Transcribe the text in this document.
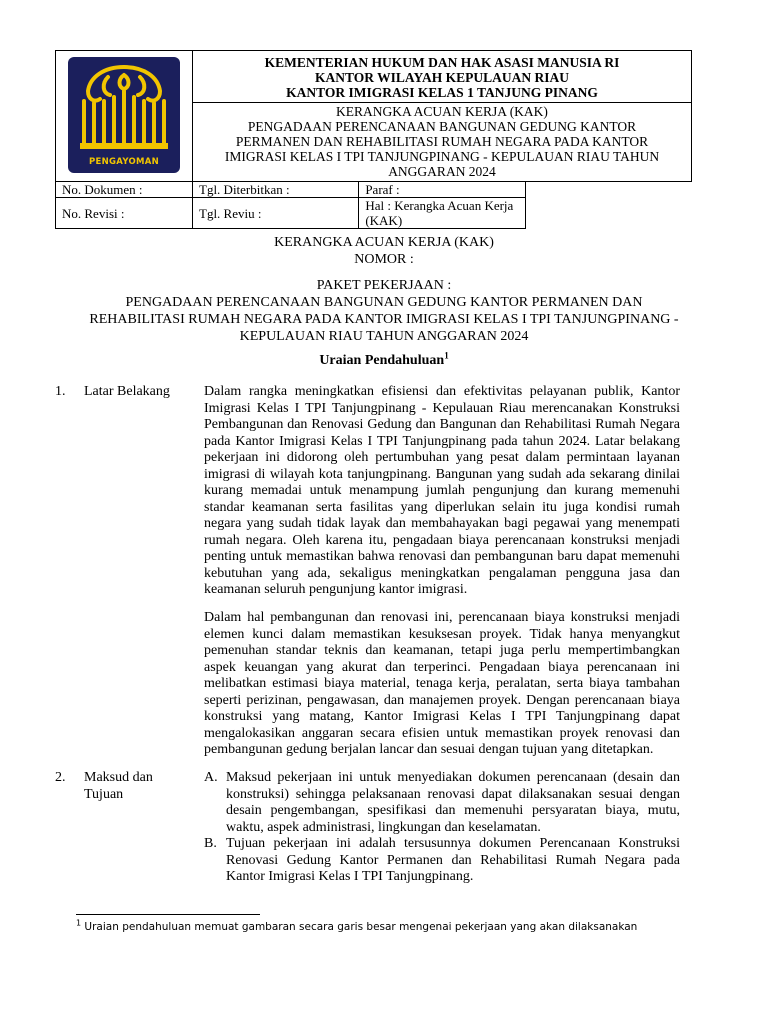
PENGAYOMAN	KEMENTERIAN HUKUM DAN HAK ASASI MANUSIA RI
KANTOR WILAYAH KEPULAUAN RIAU
KANTOR IMIGRASI KELAS 1 TANJUNG PINANG	

	KERANGKA ACUAN KERJA (KAK)
PENGADAAN PERENCANAAN BANGUNAN GEDUNG KANTOR
PERMANEN DAN REHABILITASI RUMAH NEGARA PADA KANTOR
IMIGRASI KELAS I TPI TANJUNGPINANG - KEPULAUAN RIAU TAHUN
ANGGARAN 2024	

No. Dokumen :	Tgl. Diterbitkan :	Paraf :
No. Revisi :	Tgl. Reviu :	Hal : Kerangka Acuan Kerja (KAK)
KERANGKA ACUAN KERJA (KAK)
NOMOR :
PAKET PEKERJAAN :
PENGADAAN PERENCANAAN BANGUNAN GEDUNG KANTOR PERMANEN DAN
REHABILITASI RUMAH NEGARA PADA KANTOR IMIGRASI KELAS I TPI TANJUNGPINANG -
KEPULAUAN RIAU TAHUN ANGGARAN 2024
Uraian Pendahuluan$^1$
1. Latar Belakang	Dalam rangka meningkatkan efisiensi dan efektivitas pelayanan publik, Kantor Imigrasi Kelas I TPI Tanjungpinang - Kepulauan Riau merencanakan Konstruksi Pembangunan dan Renovasi Gedung dan Bangunan dan Rehabilitasi Rumah Negara pada Kantor Imigrasi Kelas I TPI Tanjungpinang pada tahun 2024. Latar belakang pekerjaan ini didorong oleh pertumbuhan yang pesat dalam permintaan layanan imigrasi di wilayah kota tanjungpinang. Bangunan yang sudah ada sekarang dinilai kurang memadai untuk menampung jumlah pengunjung dan kurang memenuhi standar keamanan serta fasilitas yang diperlukan selain itu juga kondisi rumah negara yang sudah tidak layak dan membahayakan bagi pegawai yang menempati rumah negara. Oleh karena itu, pengadaan biaya perencanaan konstruksi menjadi penting untuk memastikan bahwa renovasi dan pembangunan baru dapat memenuhi kebutuhan yang ada, sekaligus meningkatkan pengalaman pengguna jasa dan keamanan seluruh pengunjung kantor imigrasi.
Dalam hal pembangunan dan renovasi ini, perencanaan biaya konstruksi menjadi elemen kunci dalam memastikan kesuksesan proyek. Tidak hanya menyangkut pemenuhan standar teknis dan keamanan, tetapi juga perlu mempertimbangkan aspek keuangan yang akurat dan terperinci. Pengadaan biaya perencanaan ini melibatkan estimasi biaya material, tenaga kerja, peralatan, serta biaya tambahan seperti perizinan, pengawasan, dan manajemen proyek. Dengan perencanaan biaya konstruksi yang matang, Kantor Imigrasi Kelas I TPI Tanjungpinang dapat mengalokasikan anggaran secara efisien untuk memastikan proyek renovasi dan pembangunan gedung berjalan lancar dan sesuai dengan tujuan yang ditetapkan.
2. Maksud dan
Tujuan
A. Maksud pekerjaan ini untuk menyediakan dokumen perencanaan (desain dan konstruksi) sehingga pelaksanaan renovasi dapat dilaksanakan sesuai dengan desain pengembangan, spesifikasi dan memenuhi persyaratan biaya, mutu, waktu, aspek administrasi, lingkungan dan keselamatan.
B. Tujuan pekerjaan ini adalah tersusunnya dokumen Perencanaan Konstruksi Renovasi Gedung Kantor Permanen dan Rehabilitasi Rumah Negara pada Kantor Imigrasi Kelas I TPI Tanjungpinang.
$^1$ Uraian pendahuluan memuat gambaran secara garis besar mengenai pekerjaan yang akan dilaksanakan
